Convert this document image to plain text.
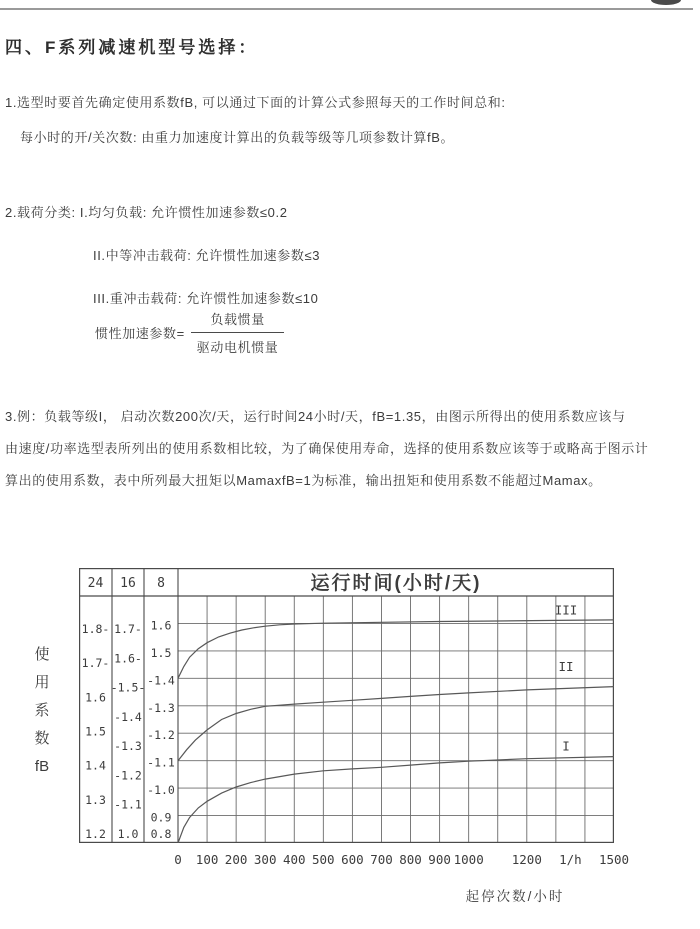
四、F系列减速机型号选择：
1.选型时要首先确定使用系数fB, 可以通过下面的计算公式参照每天的工作时间总和:
每小时的开/关次数: 由重力加速度计算出的负载等级等几项参数计算fB。
2.载荷分类: I.均匀负载: 允许惯性加速参数≤0.2
II.中等冲击载荷: 允许惯性加速参数≤3
III.重冲击载荷: 允许惯性加速参数≤10
惯性加速参数= $\frac{\text{负载惯量}}{\text{驱动电机惯量}}$
3.例：负载等级I， 启动次数200次/天，运行时间24小时/天，fB=1.35，由图示所得出的使用系数应该与
由速度/功率选型表所列出的使用系数相比较，为了确保使用寿命，选择的使用系数应该等于或略高于图示计
算出的使用系数，表中所列最大扭矩以MamaxfB=1为标准，输出扭矩和使用系数不能超过Mamax。
使
用
系
数
fB
24 16 8	运行时间(小时/天)
1.8-
1.7-
1.6
1.5
1.4
1.3
1.2
1.7-
1.6-
-1.5-
-1.4
-1.3
-1.2
-1.1
1.0
1.6
1.5
-1.4
-1.3
-1.2
-1.1
-1.0
0.9
0.8
III
II
I
0 100 200 300 400 500 600 700 800 900 1000 1200 1/h 1500
起停次数/小时
